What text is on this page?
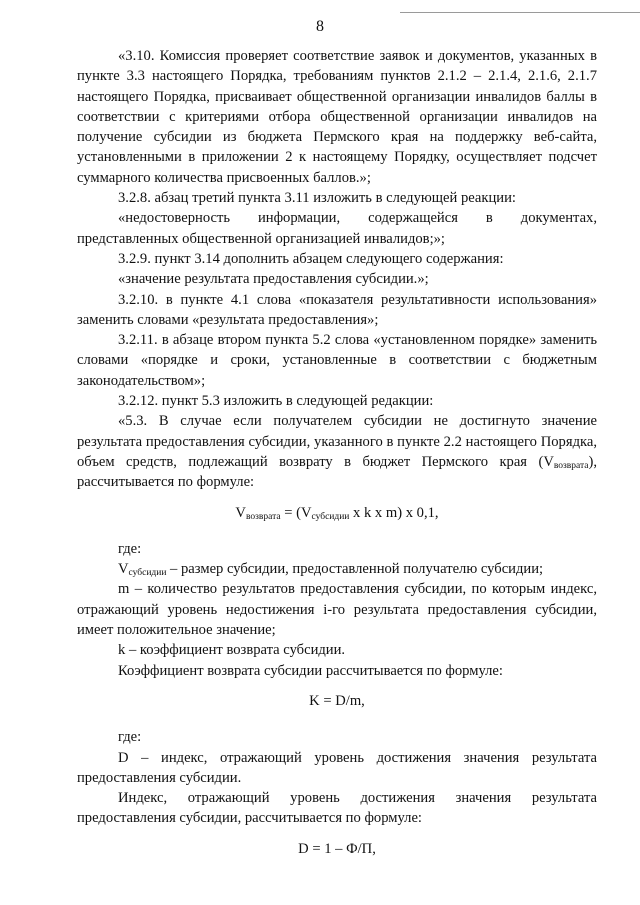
8

«3.10. Комиссия проверяет соответствие заявок и документов, указанных в пункте 3.3 настоящего Порядка, требованиям пунктов 2.1.2 – 2.1.4, 2.1.6, 2.1.7 настоящего Порядка, присваивает общественной организации инвалидов баллы в соответствии с критериями отбора общественной организации инвалидов на получение субсидии из бюджета Пермского края на поддержку веб-сайта, установленными в приложении 2 к настоящему Порядку, осуществляет подсчет суммарного количества присвоенных баллов.»;

3.2.8. абзац третий пункта 3.11 изложить в следующей реакции:

«недостоверность информации, содержащейся в документах, представленных общественной организацией инвалидов;»;

3.2.9. пункт 3.14 дополнить абзацем следующего содержания:

«значение результата предоставления субсидии.»;

3.2.10. в пункте 4.1 слова «показателя результативности использования» заменить словами «результата предоставления»;

3.2.11. в абзаце втором пункта 5.2 слова «установленном порядке» заменить словами «порядке и сроки, установленные в соответствии с бюджетным законодательством»;

3.2.12. пункт 5.3 изложить в следующей редакции:

«5.3. В случае если получателем субсидии не достигнуто значение результата предоставления субсидии, указанного в пункте 2.2 настоящего Порядка, объем средств, подлежащий возврату в бюджет Пермского края $(V_{возврата})$, рассчитывается по формуле:

$V_{возврата} = (V_{субсидии}$ x k x m) x 0,1,

где:

$V_{субсидии}$ – размер субсидии, предоставленной получателю субсидии;

m – количество результатов предоставления субсидии, по которым индекс, отражающий уровень недостижения i-го результата предоставления субсидии, имеет положительное значение;

k – коэффициент возврата субсидии.

Коэффициент возврата субсидии рассчитывается по формуле:

K = D/m,

где:

D – индекс, отражающий уровень достижения значения результата предоставления субсидии.

Индекс, отражающий уровень достижения значения результата предоставления субсидии, рассчитывается по формуле:

D = 1 – Ф/П,
